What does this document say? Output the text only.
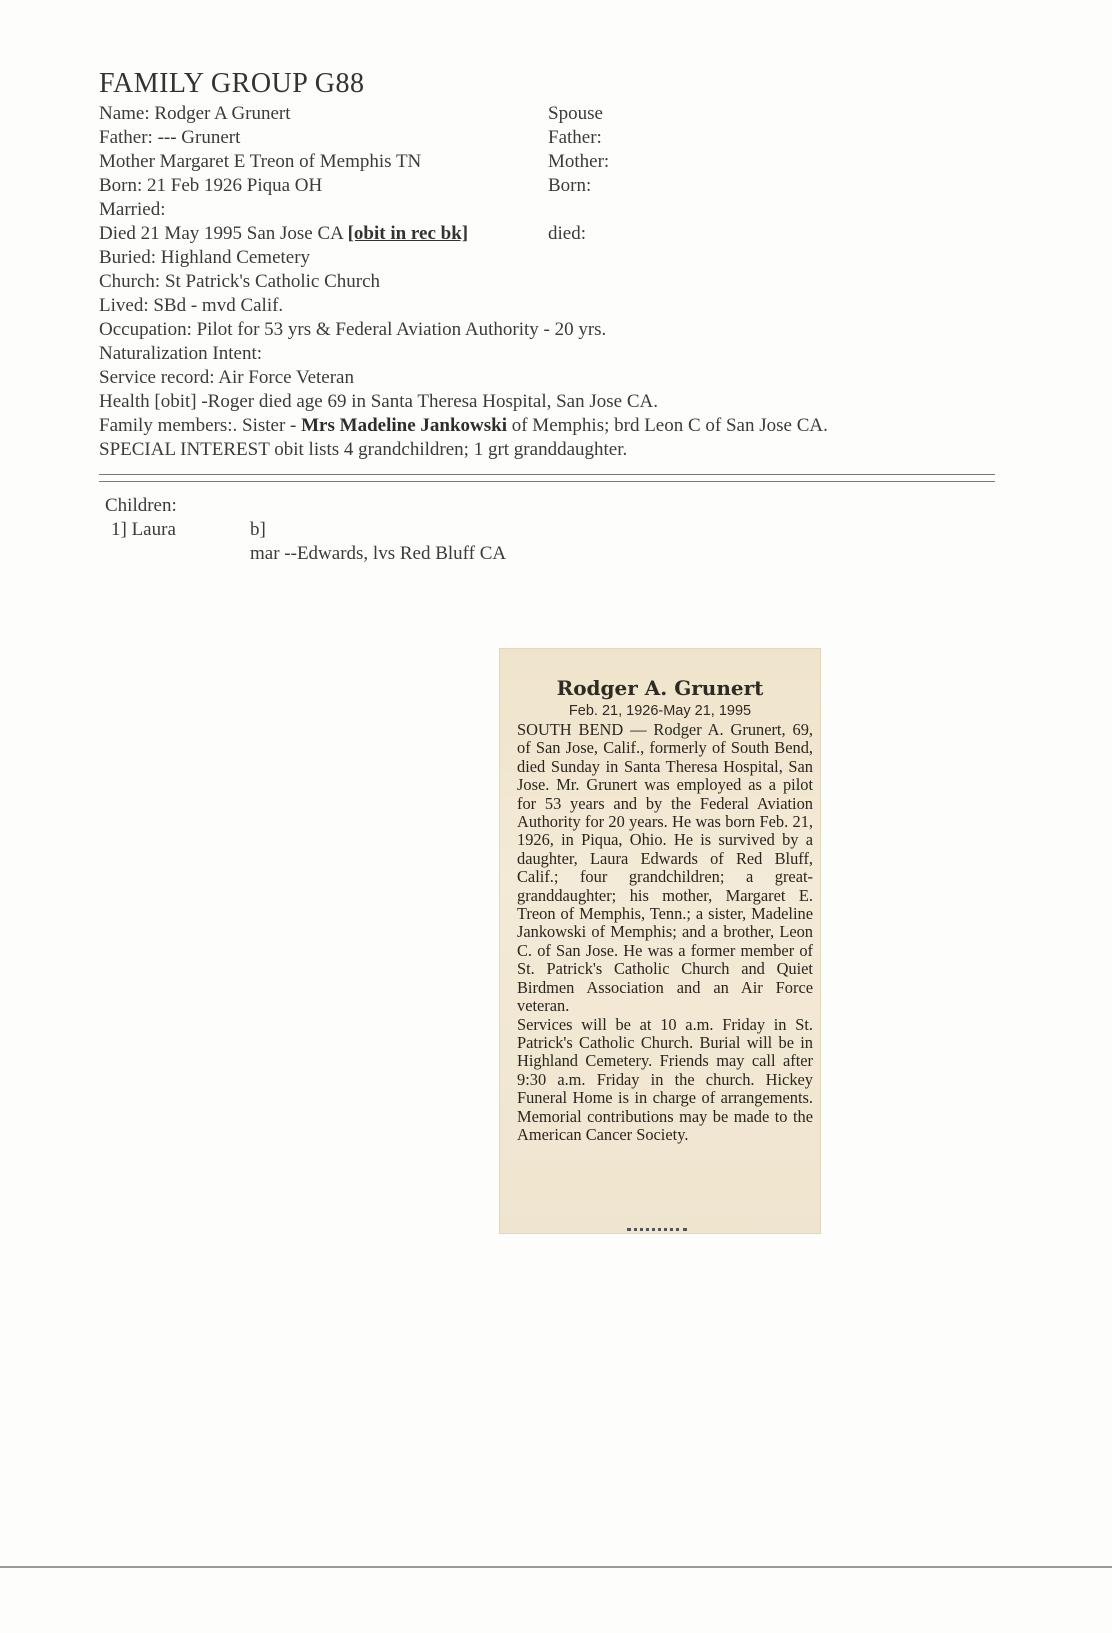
FAMILY GROUP G88
Name: Rodger A Grunert
Father: --- Grunert
Mother Margaret E Treon of Memphis TN
Born: 21 Feb 1926 Piqua OH
Married:
Died 21 May 1995 San Jose CA [obit in rec bk]
Buried: Highland Cemetery
Church: St Patrick's Catholic Church
Lived: SBd - mvd Calif.
Occupation: Pilot for 53 yrs & Federal Aviation Authority - 20 yrs.
Naturalization Intent:
Service record: Air Force Veteran
Health [obit] -Roger died age 69 in Santa Theresa Hospital, San Jose CA.
Family members:. Sister - Mrs Madeline Jankowski of Memphis; brd Leon C of San Jose CA.
SPECIAL INTEREST obit lists 4 grandchildren; 1 grt granddaughter.
Spouse
Father:
Mother:
Born:
died:
Children:
1] Laura	b]
mar --Edwards, lvs Red Bluff CA
Rodger A. Grunert
Feb. 21, 1926-May 21, 1995
SOUTH BEND — Rodger A. Grunert, 69, of San Jose, Calif., formerly of South Bend, died Sunday in Santa Theresa Hospital, San Jose. Mr. Grunert was employed as a pilot for 53 years and by the Federal Aviation Authority for 20 years. He was born Feb. 21, 1926, in Piqua, Ohio. He is survived by a daughter, Laura Edwards of Red Bluff, Calif.; four grandchildren; a great-granddaughter; his mother, Margaret E. Treon of Memphis, Tenn.; a sister, Madeline Jankowski of Memphis; and a brother, Leon C. of San Jose. He was a former member of St. Patrick's Catholic Church and Quiet Birdmen Association and an Air Force veteran.
Services will be at 10 a.m. Friday in St. Patrick's Catholic Church. Burial will be in Highland Cemetery. Friends may call after 9:30 a.m. Friday in the church. Hickey Funeral Home is in charge of arrangements. Memorial contributions may be made to the American Cancer Society.
